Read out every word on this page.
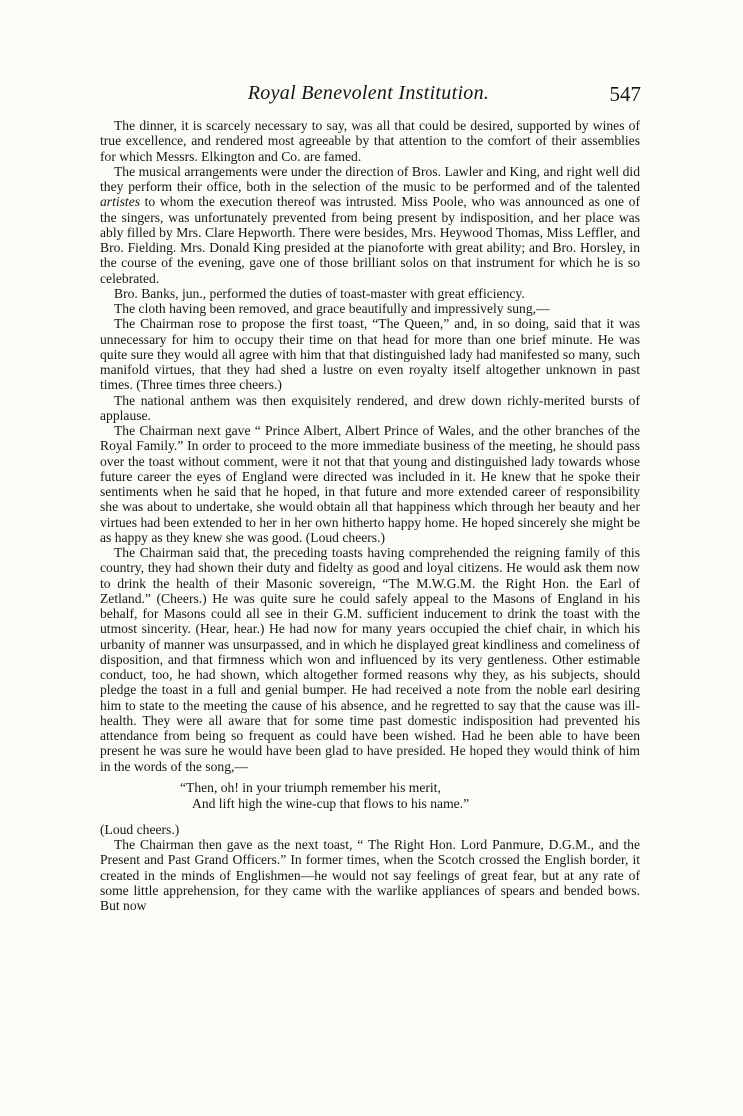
Royal Benevolent Institution.	547

The dinner, it is scarcely necessary to say, was all that could be desired, supported by wines of true excellence, and rendered most agreeable by that attention to the comfort of their assemblies for which Messrs. Elkington and Co. are famed.

The musical arrangements were under the direction of Bros. Lawler and King, and right well did they perform their office, both in the selection of the music to be performed and of the talented artistes to whom the execution thereof was intrusted. Miss Poole, who was announced as one of the singers, was unfortunately prevented from being present by indisposition, and her place was ably filled by Mrs. Clare Hepworth. There were besides, Mrs. Heywood Thomas, Miss Leffler, and Bro. Fielding. Mrs. Donald King presided at the pianoforte with great ability; and Bro. Horsley, in the course of the evening, gave one of those brilliant solos on that instrument for which he is so celebrated.

Bro. Banks, jun., performed the duties of toast-master with great efficiency.

The cloth having been removed, and grace beautifully and impressively sung,—

The Chairman rose to propose the first toast, “The Queen,” and, in so doing, said that it was unnecessary for him to occupy their time on that head for more than one brief minute. He was quite sure they would all agree with him that that distinguished lady had manifested so many, such manifold virtues, that they had shed a lustre on even royalty itself altogether unknown in past times. (Three times three cheers.)

The national anthem was then exquisitely rendered, and drew down richly-merited bursts of applause.

The Chairman next gave “ Prince Albert, Albert Prince of Wales, and the other branches of the Royal Family.” In order to proceed to the more immediate business of the meeting, he should pass over the toast without comment, were it not that that young and distinguished lady towards whose future career the eyes of England were directed was included in it. He knew that he spoke their sentiments when he said that he hoped, in that future and more extended career of responsibility she was about to undertake, she would obtain all that happiness which through her beauty and her virtues had been extended to her in her own hitherto happy home. He hoped sincerely she might be as happy as they knew she was good. (Loud cheers.)

The Chairman said that, the preceding toasts having comprehended the reigning family of this country, they had shown their duty and fidelty as good and loyal citizens. He would ask them now to drink the health of their Masonic sovereign, “The M.W.G.M. the Right Hon. the Earl of Zetland.” (Cheers.) He was quite sure he could safely appeal to the Masons of England in his behalf, for Masons could all see in their G.M. sufficient inducement to drink the toast with the utmost sincerity. (Hear, hear.) He had now for many years occupied the chief chair, in which his urbanity of manner was unsurpassed, and in which he displayed great kindliness and comeliness of disposition, and that firmness which won and influenced by its very gentleness. Other estimable conduct, too, he had shown, which altogether formed reasons why they, as his subjects, should pledge the toast in a full and genial bumper. He had received a note from the noble earl desiring him to state to the meeting the cause of his absence, and he regretted to say that the cause was ill-health. They were all aware that for some time past domestic indisposition had prevented his attendance from being so frequent as could have been wished. Had he been able to have been present he was sure he would have been glad to have presided. He hoped they would think of him in the words of the song,—

“Then, oh! in your triumph remember his merit,
And lift high the wine-cup that flows to his name.”

(Loud cheers.)

The Chairman then gave as the next toast, “ The Right Hon. Lord Panmure, D.G.M., and the Present and Past Grand Officers.” In former times, when the Scotch crossed the English border, it created in the minds of Englishmen—he would not say feelings of great fear, but at any rate of some little apprehension, for they came with the warlike appliances of spears and bended bows. But now
